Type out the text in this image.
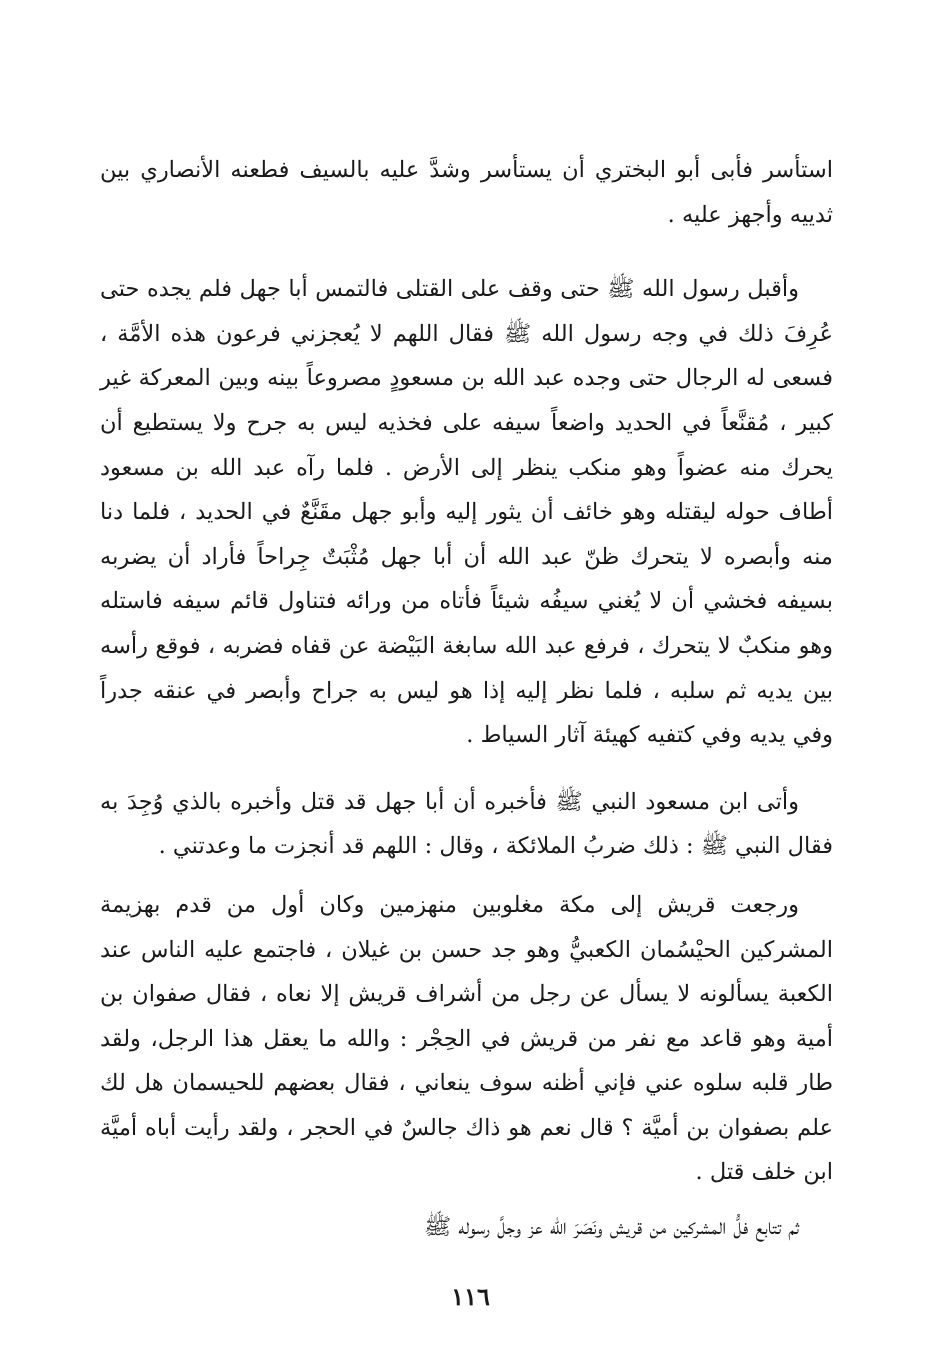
استأسر فأبى أبو البختري أن يستأسر وشدَّ عليه بالسيف فطعنه الأنصاري بين ثدييه وأجهز عليه .

وأقبل رسول الله ﷺ حتى وقف على القتلى فالتمس أبا جهل فلم يجده حتى عُرِفَ ذلك في وجه رسول الله ﷺ فقال اللهم لا يُعجزني فرعون هذه الأمَّة ، فسعى له الرجال حتى وجده عبد الله بن مسعودٍ مصروعاً بينه وبين المعركة غير كبير ، مُقنَّعاً في الحديد واضعاً سيفه على فخذيه ليس به جرح ولا يستطيع أن يحرك منه عضواً وهو منكب ينظر إلى الأرض . فلما رآه عبد الله بن مسعود أطاف حوله ليقتله وهو خائف أن يثور إليه وأبو جهل مقَنَّعٌ في الحديد ، فلما دنا منه وأبصره لا يتحرك ظنّ عبد الله أن أبا جهل مُثْبَتٌ جِراحاً فأراد أن يضربه بسيفه فخشي أن لا يُغني سيفُه شيئاً فأتاه من ورائه فتناول قائم سيفه فاستله وهو منكبٌ لا يتحرك ، فرفع عبد الله سابغة البَيْضة عن قفاه فضربه ، فوقع رأسه بين يديه ثم سلبه ، فلما نظر إليه إذا هو ليس به جراح وأبصر في عنقه جدراً وفي يديه وفي كتفيه كهيئة آثار السياط .

وأتى ابن مسعود النبي ﷺ فأخبره أن أبا جهل قد قتل وأخبره بالذي وُجِدَ به فقال النبي ﷺ : ذلك ضربُ الملائكة ، وقال : اللهم قد أنجزت ما وعدتني .

ورجعت قريش إلى مكة مغلوبين منهزمين وكان أول من قدم بهزيمة المشركين الحيْسُمان الكعبيُّ وهو جد حسن بن غيلان ، فاجتمع عليه الناس عند الكعبة يسألونه لا يسأل عن رجل من أشراف قريش إلا نعاه ، فقال صفوان بن أمية وهو قاعد مع نفر من قريش في الحِجْر : والله ما يعقل هذا الرجل، ولقد طار قلبه سلوه عني فإني أظنه سوف ينعاني ، فقال بعضهم للحيسمان هل لك علم بصفوان بن أميَّة ؟ قال نعم هو ذاك جالسٌ في الحجر ، ولقد رأيت أباه أميَّة ابن خلف قتل .

ثم تتابع فلُّ المشركين من قريش ونَصَرَ الله عز وجلَّ رسوله ﷺ

١١٦
